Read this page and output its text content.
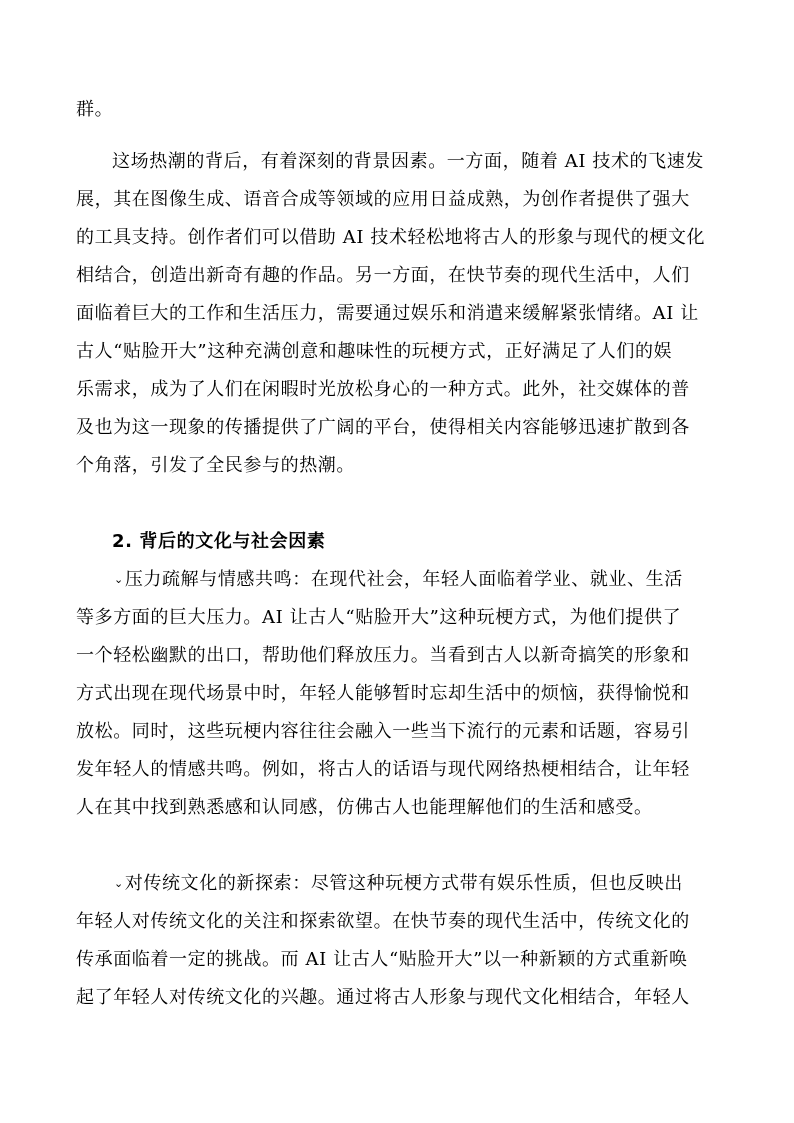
群。
这场热潮的背后，有着深刻的背景因素。一方面，随着 AI 技术的飞速发
展，其在图像生成、语音合成等领域的应用日益成熟，为创作者提供了强大
的工具支持。创作者们可以借助 AI 技术轻松地将古人的形象与现代的梗文化
相结合，创造出新奇有趣的作品。另一方面，在快节奏的现代生活中，人们
面临着巨大的工作和生活压力，需要通过娱乐和消遣来缓解紧张情绪。AI 让
古人“贴脸开大”这种充满创意和趣味性的玩梗方式，正好满足了人们的娱
乐需求，成为了人们在闲暇时光放松身心的一种方式。此外，社交媒体的普
及也为这一现象的传播提供了广阔的平台，使得相关内容能够迅速扩散到各
个角落，引发了全民参与的热潮。
2. 背后的文化与社会因素
⌄压力疏解与情感共鸣：在现代社会，年轻人面临着学业、就业、生活
等多方面的巨大压力。AI 让古人“贴脸开大”这种玩梗方式，为他们提供了
一个轻松幽默的出口，帮助他们释放压力。当看到古人以新奇搞笑的形象和
方式出现在现代场景中时，年轻人能够暂时忘却生活中的烦恼，获得愉悦和
放松。同时，这些玩梗内容往往会融入一些当下流行的元素和话题，容易引
发年轻人的情感共鸣。例如，将古人的话语与现代网络热梗相结合，让年轻
人在其中找到熟悉感和认同感，仿佛古人也能理解他们的生活和感受。
⌄对传统文化的新探索：尽管这种玩梗方式带有娱乐性质，但也反映出
年轻人对传统文化的关注和探索欲望。在快节奏的现代生活中，传统文化的
传承面临着一定的挑战。而 AI 让古人“贴脸开大”以一种新颖的方式重新唤
起了年轻人对传统文化的兴趣。通过将古人形象与现代文化相结合，年轻人
